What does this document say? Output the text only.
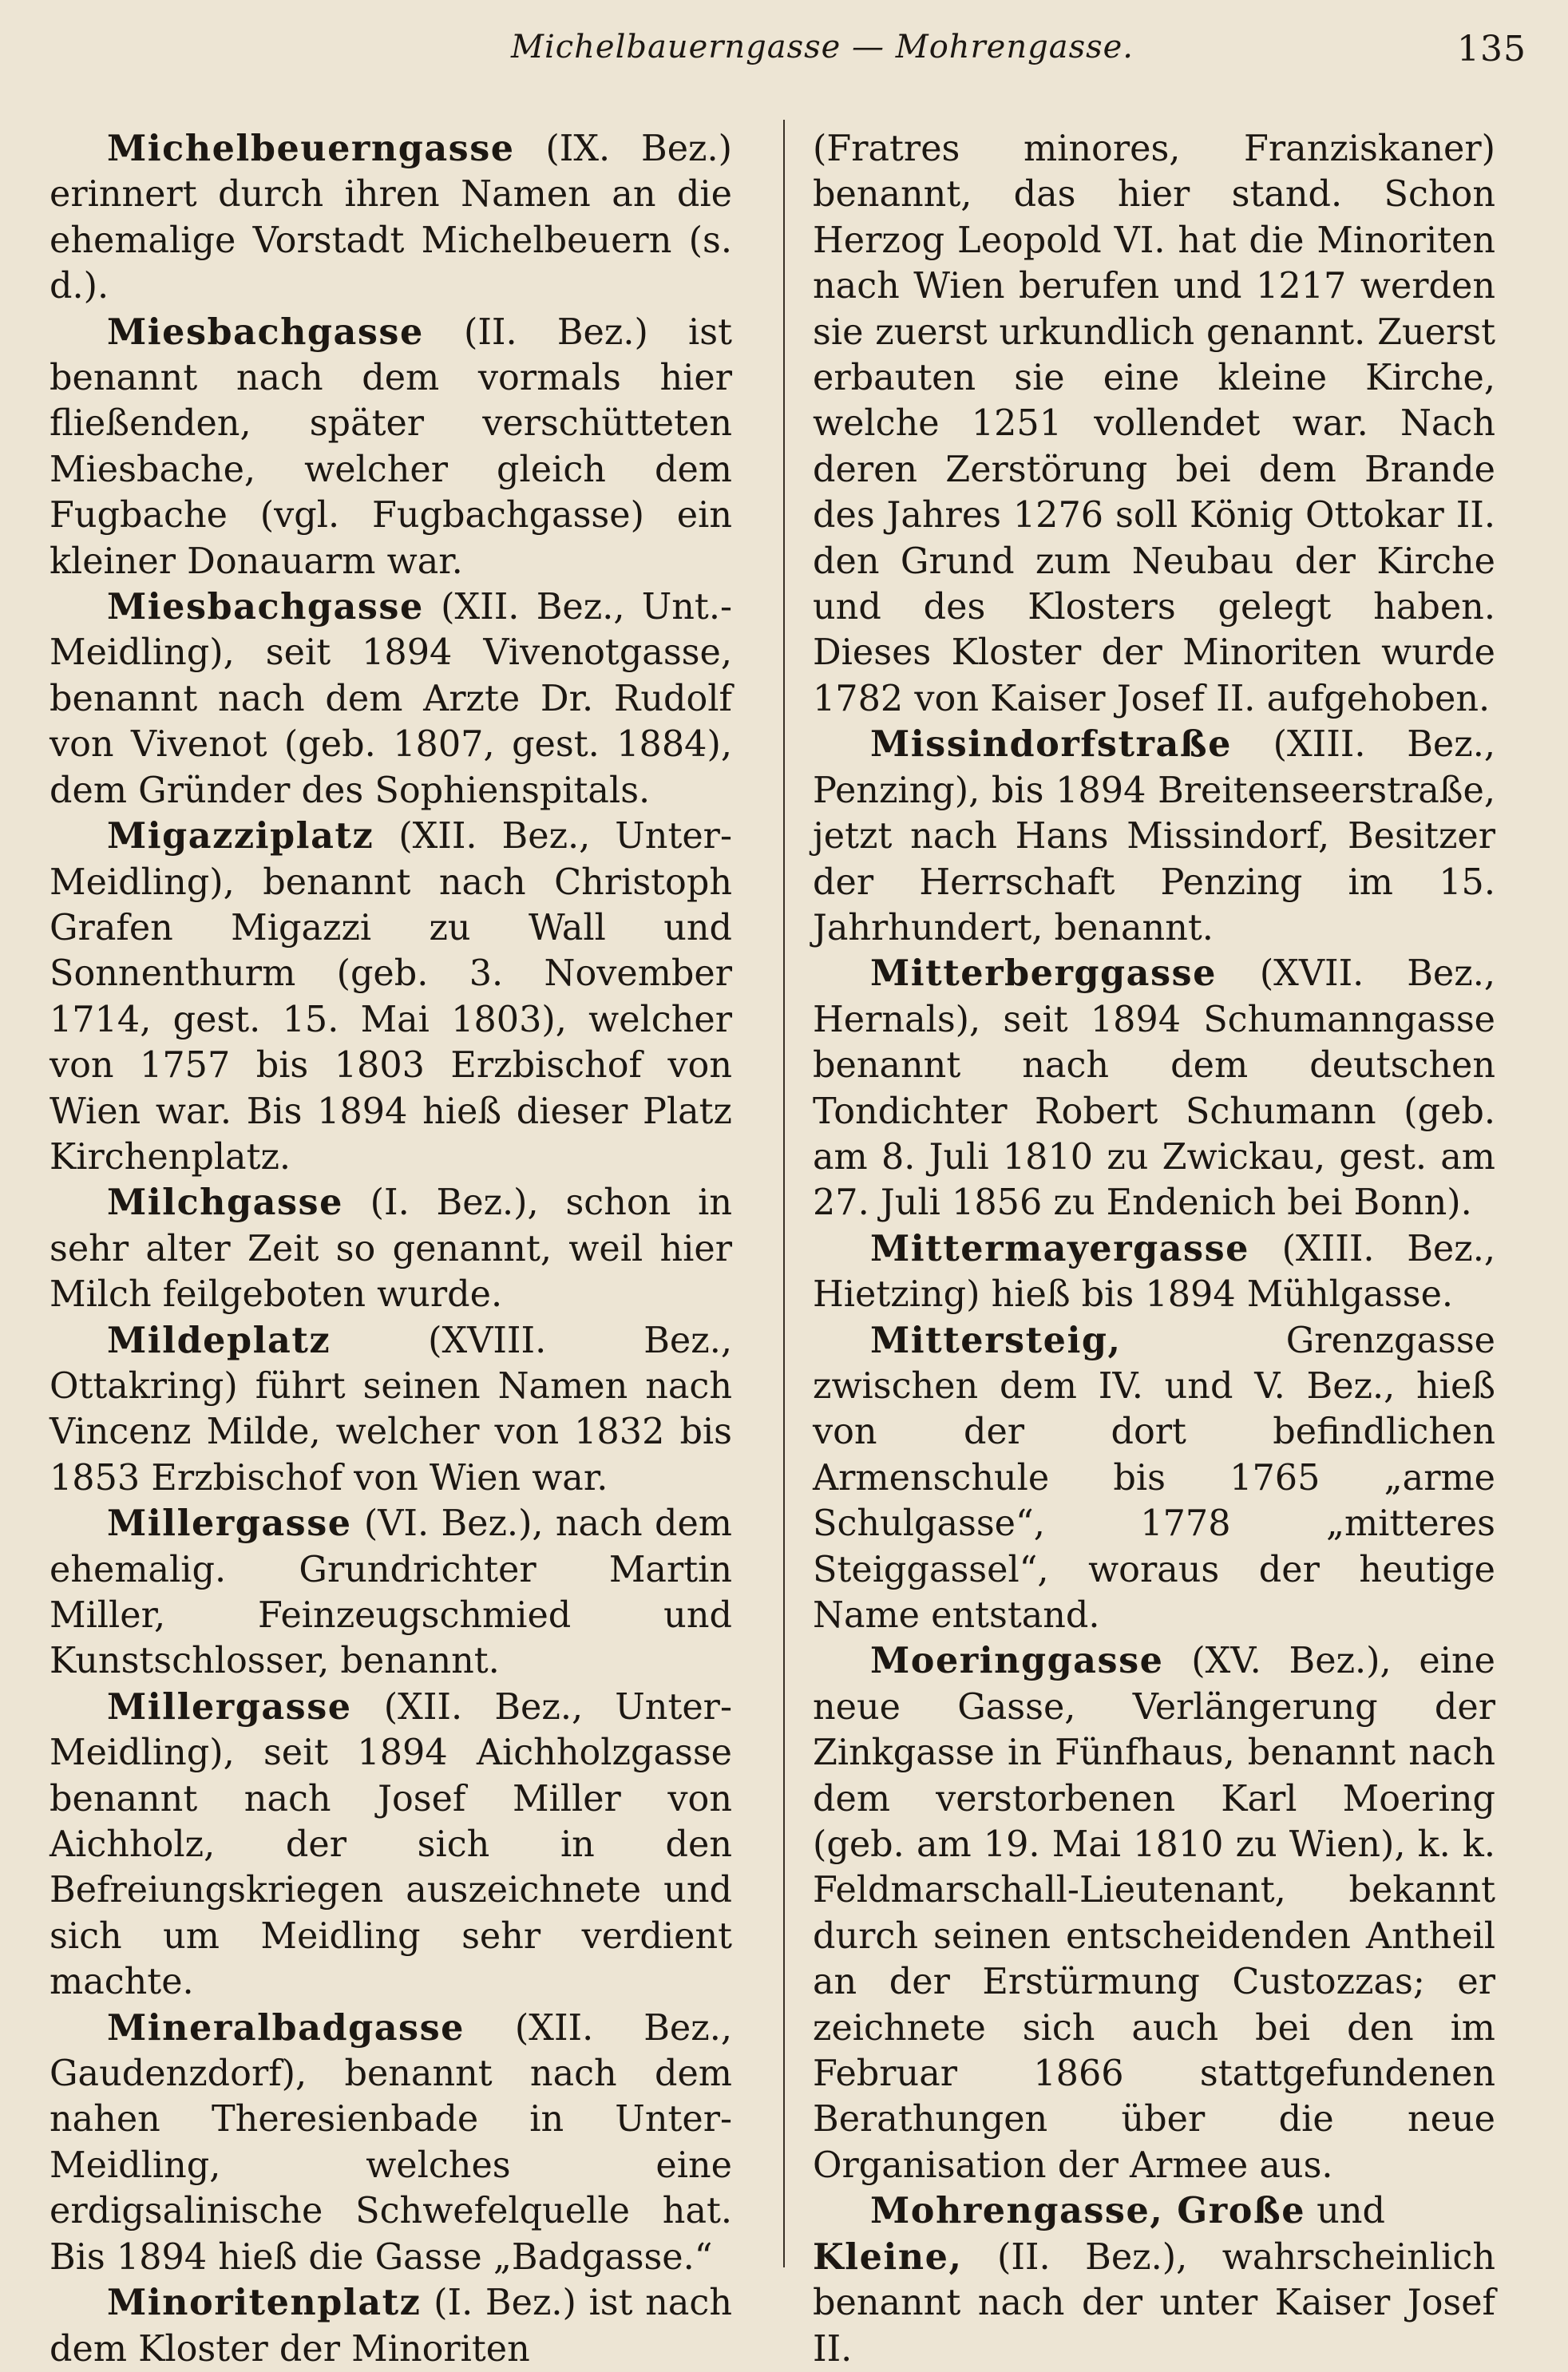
Michelbauerngasse — Mohrengasse.	135

Michelbeuerngasse (IX. Bez.) erinnert durch ihren Namen an die ehemalige Vorstadt Michelbeuern (s. d.).

Miesbachgasse (II. Bez.) ist benannt nach dem vormals hier fließenden, später verschütteten Miesbache, welcher gleich dem Fugbache (vgl. Fugbachgasse) ein kleiner Donauarm war.

Miesbachgasse (XII. Bez., Unt.-Meidling), seit 1894 Vivenotgasse, benannt nach dem Arzte Dr. Rudolf von Vivenot (geb. 1807, gest. 1884), dem Gründer des Sophienspitals.

Migazziplatz (XII. Bez., Unter-Meidling), benannt nach Christoph Grafen Migazzi zu Wall und Sonnenthurm (geb. 3. November 1714, gest. 15. Mai 1803), welcher von 1757 bis 1803 Erzbischof von Wien war. Bis 1894 hieß dieser Platz Kirchenplatz.

Milchgasse (I. Bez.), schon in sehr alter Zeit so genannt, weil hier Milch feilgeboten wurde.

Mildeplatz (XVIII. Bez., Ottakring) führt seinen Namen nach Vincenz Milde, welcher von 1832 bis 1853 Erzbischof von Wien war.

Millergasse (VI. Bez.), nach dem ehemalig. Grundrichter Martin Miller, Feinzeugschmied und Kunstschlosser, benannt.

Millergasse (XII. Bez., Unter-Meidling), seit 1894 Aichholzgasse benannt nach Josef Miller von Aichholz, der sich in den Befreiungskriegen auszeichnete und sich um Meidling sehr verdient machte.

Mineralbadgasse (XII. Bez., Gaudenzdorf), benannt nach dem nahen Theresienbade in Unter-Meidling, welches eine erdigsalinische Schwefelquelle hat. Bis 1894 hieß die Gasse „Badgasse.“

Minoritenplatz (I. Bez.) ist nach dem Kloster der Minoriten

(Fratres minores, Franziskaner) benannt, das hier stand. Schon Herzog Leopold VI. hat die Minoriten nach Wien berufen und 1217 werden sie zuerst urkundlich genannt. Zuerst erbauten sie eine kleine Kirche, welche 1251 vollendet war. Nach deren Zerstörung bei dem Brande des Jahres 1276 soll König Ottokar II. den Grund zum Neubau der Kirche und des Klosters gelegt haben. Dieses Kloster der Minoriten wurde 1782 von Kaiser Josef II. aufgehoben.

Missindorfstraße (XIII. Bez., Penzing), bis 1894 Breitenseerstraße, jetzt nach Hans Missindorf, Besitzer der Herrschaft Penzing im 15. Jahrhundert, benannt.

Mitterberggasse (XVII. Bez., Hernals), seit 1894 Schumanngasse benannt nach dem deutschen Tondichter Robert Schumann (geb. am 8. Juli 1810 zu Zwickau, gest. am 27. Juli 1856 zu Endenich bei Bonn).

Mittermayergasse (XIII. Bez., Hietzing) hieß bis 1894 Mühlgasse.

Mittersteig, Grenzgasse zwischen dem IV. und V. Bez., hieß von der dort befindlichen Armenschule bis 1765 „arme Schulgasse“, 1778 „mitteres Steiggassel“, woraus der heutige Name entstand.

Moeringgasse (XV. Bez.), eine neue Gasse, Verlängerung der Zinkgasse in Fünfhaus, benannt nach dem verstorbenen Karl Moering (geb. am 19. Mai 1810 zu Wien), k. k. Feldmarschall-Lieutenant, bekannt durch seinen entscheidenden Antheil an der Erstürmung Custozzas; er zeichnete sich auch bei den im Februar 1866 stattgefundenen Berathungen über die neue Organisation der Armee aus.

Mohrengasse, Große und
Kleine, (II. Bez.), wahrscheinlich benannt nach der unter Kaiser Josef II.
